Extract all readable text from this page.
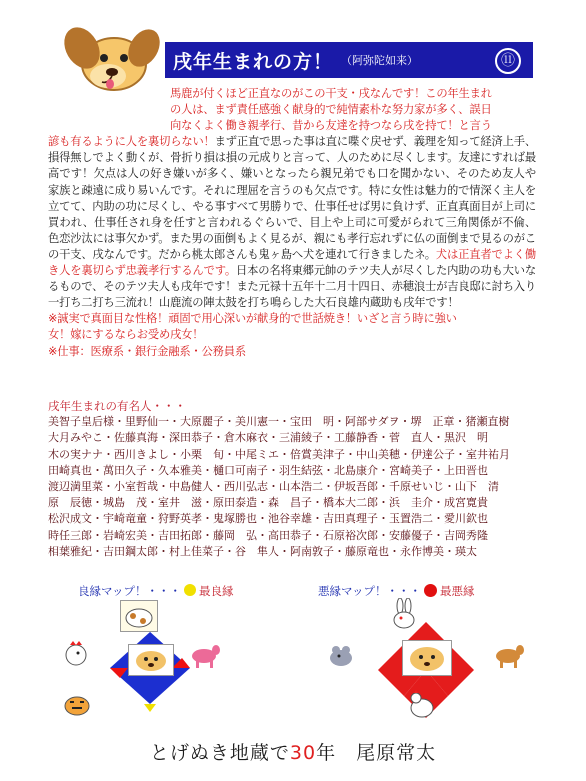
戌年生まれの方！ （阿弥陀如来）	⑪
馬鹿が付くほど正直なのがこの干支・戌なんです！この年生まれ
の人は、まず責任感強く献身的で純情素朴な努力家が多く、誤日
向なくよく働き親孝行、昔から友達を持つなら戌を持て！と言う
諺も有るように人を裏切らない！まず正直で思った事は直に喋ぐ戻せず、義理を知って経済上手、損得無しでよく動くが、骨折り損は損の元成りと言って、人のために尽くします。友達にすれば最高です！欠点は人の好き嫌いが多く、嫌いとなったら親兄弟でも口を聞かない、そのため友人や家族と疎遠に成り易いんです。それに理屈を言うのも欠点です。特に女性は魅力的で情深く主人を立てて、内助の功に尽くし、やる事すべて男勝りで、仕事任せば男に負けず、正直真面目が上司に買われ、仕事任され身を任すと言われるぐらいで、目上や上司に可愛がられて三角関係が不倫、色恋沙汰には事欠かず。また男の面倒もよく見るが、親にも孝行忘れずに仏の面倒まで見るのがこの干支、戌なんです。だから桃太郎さんも鬼ヶ島へ犬を連れて行きましたネ。犬は正直者でよく働き人を裏切らず忠義孝行するんです。日本の名将東郷元帥のテツ夫人が尽くした内助の功も大いなるもので、そのテツ夫人も戌年です！また元禄十五年十二月十四日、赤穂浪士が吉良邸に討ち入り一打ち二打ち三流れ！山鹿流の陣太鼓を打ち鳴らした大石良雄内蔵助も戌年です！
※誠実で真面目な性格！頑固で用心深いが献身的で世話焼き！いざと言う時に強い
女！嫁にするならお受め戌女！
※仕事：医療系・銀行金融系・公務員系
戌年生まれの有名人・・・
美智子皇后様・里野仙一・大原麗子・美川憲一・宝田　明・阿部サダヲ・堺　正章・猪瀬直樹
大月みやこ・佐藤真海・深田恭子・倉木麻衣・三浦綾子・工藤静香・菅　直人・黒沢　明
木の実ナナ・西川きよし・小栗　旬・中尾ミエ・倍賞美津子・中山美穂・伊達公子・室井祐月
田崎真也・萬田久子・久本雅美・樋口可南子・羽生結弦・北島康介・宮崎美子・上田晋也
渡辺満里菜・小室哲哉・中島健人・西川弘志・山本浩二・伊坂吾郎・千原せいじ・山下　清
原　辰徳・城島　茂・室井　滋・原田泰造・森　昌子・橋本大二郎・浜　圭介・成宮寛貴
松沢成文・宇崎竜童・狩野英孝・鬼塚勝也・池谷幸雄・吉田真理子・玉置浩二・愛川欽也
時任三郎・岩崎宏美・吉田拓郎・藤岡　弘・高田恭子・石原裕次郎・安藤優子・吉岡秀隆
相葉雅紀・吉田鋼太郎・村上佳菜子・谷　隼人・阿南敦子・藤原竜也・永作博美・瑛太
良縁マップ！・・・ 最良縁	悪縁マップ！・・・ 最悪縁
とげぬき地蔵で30年　尾原常太
